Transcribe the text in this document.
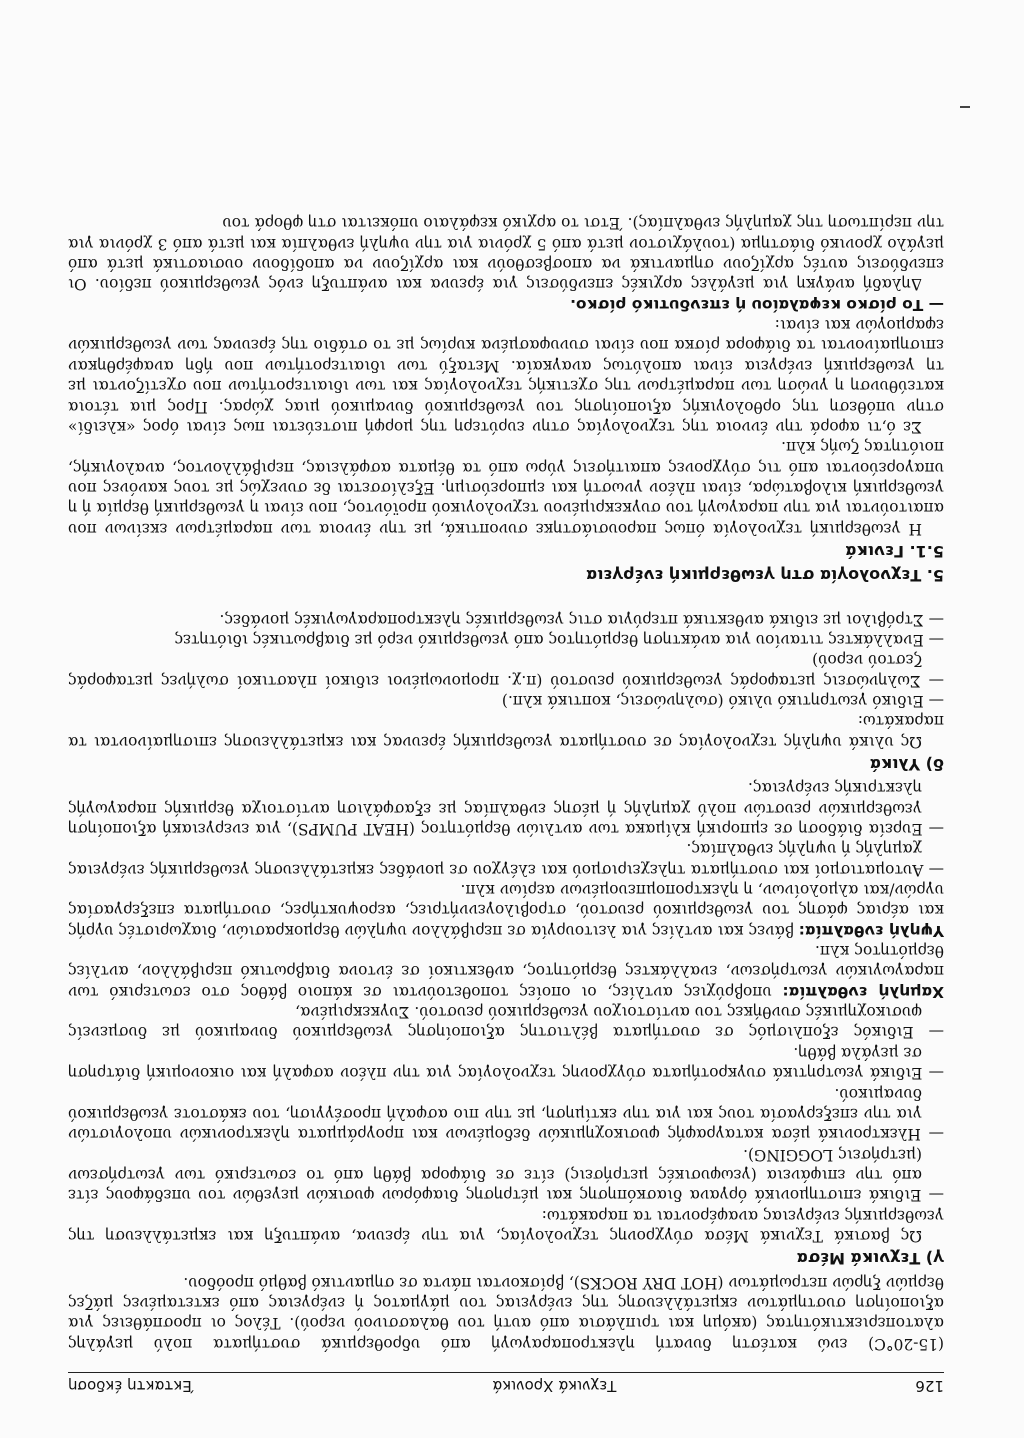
126
Τεχνικά Χρονικά
Έκτακτη έκδοση

(15-20°C) ενώ κατέστη δυνατή ηλεκτροπαραγωγή από υδροθερμικά συστήματα πολύ μεγάλης αλατοπεριεκτικότητας (ακόμη και τριπλάσια από αυτή του θαλασσινού νερού). Τέλος οι προσπάθειες για αξιοποίηση συστημάτων εκμετάλλευσης της ενέργειας του μάγματος ή ενέργειας από εκτεταμένες μάζες θερμών ξηρών πετρωμάτων (HOT DRY ROCKS), βρίσκονται πάντα σε σημαντικό βαθμό προόδου.

γ) Τεχνικά Μέσα

Ως βασικά Τεχνικά Μέσα σύγχρονης τεχνολογίας, για την έρευνα, ανάπτυξη και εκμετάλλευση της γεωθερμικής ενέργειας αναφέρονται τα παρακάτω:

— Ειδικά επιστημονικά όργανα διασκόπησης και μέτρησης διαφόρων φυσικών μεγεθών του υπεδάφους είτε από την επιφάνεια (γεωφυσικές μετρήσεις) είτε σε διάφορα βάθη από το εσωτερικό των γεωτρήσεων (μετρήσεις LOGGING).

— Ηλεκτρονικά μέσα καταγραφής φυσικοχημικών δεδομένων και προγράμματα ηλεκτρονικών υπολογιστών για την επεξεργασία τους και για την εκτίμηση, με την πιο ασφαλή προσέγγιση, του εκάστοτε γεωθερμικού δυναμικού.

— Ειδικά γεωτρητικά συγκροτήματα σύγχρονης τεχνολογίας για την πλέον ασφαλή και οικονομική διάτρηση σε μεγάλα βάθη.

— Ειδικός εξοπλισμός σε συστήματα βέλτιστης αξιοποίησης γεωθερμικού δυναμικού με δυσμενείς φυσικοχημικές συνθήκες του αντίστοιχου γεωθερμικού ρευστού. Συγκεκριμένα,

Χαμηλή ενθαλπία: υποβρύχιες αντλίες, οι οποίες τοποθετούνται σε κάποιο βάθος στο εσωτερικό των παραγωγικών γεωτρήσεων, εναλλάκτες θερμότητος, ανθεκτικοί σε έντονα διαβρωτικό περιβάλλον, αντλίες θερμότητος κλπ.

Υψηλή ενθαλπία: βάνες και αντλίες για λειτουργία σε περιβάλλον υψηλών θερμοκρασιών, διαχωριστές υγρής και αέριας φάσης του γεωθερμικού ρευστού, στροβιλογεννήτριες, αεροψυκτήρες, συστήματα επεξεργασίας υγρών/και αλμολοίνων, η ηλεκτροπομπευομένων αερίων κλπ.

— Αυτοματισμοί και συστήματα τηλεχειρισμού και ελέγχου σε μονάδες εκμετάλλευσης γεωθερμικής ενέργειας χαμηλής ή υψηλής ενθαλπίας.

— Ευρεία διάδοση σε εμπορική κλίμακα των αντλιών θερμότητος (HEAT PUMPS), για ενεργειακή αξιοποίηση γεωθερμικών ρευστών πολύ χαμηλής ή μέσης ενθαλπίας με εξασφάλιση αντίστοιχα θερμικής παραγωγής ηλεκτρικής ενέργειας.

δ) Υλικά

Ως υλικά υψηλής τεχνολογίας σε συστήματα γεωθερμικής έρευνας και εκμετάλλευσης επισημαίνονται τα παρακάτω:

— Ειδικό γεωτρητικό υλικό (σωληνώσεις, κοπτικά κλπ.)

— Σωληνώσεις μεταφοράς γεωθερμικού ρευστού (π.χ. προμονωμένοι ειδικοί πλαστικοί σωλήνες μεταφοράς ζεστού νερού)

— Εναλλάκτες τιτανίου για ανάκτηση θερμότητος από γεωθερμικό νερό με διαβρωτικές ιδιότητες

— Στρόβιλοι με ειδικά ανθεκτικά πτερύγια στις γεωθερμικές ηλεκτροπαραγωγικές μονάδες.

5. Τεχνολογία στη γεωθερμική ενέργεια
5.1. Γενικά

Η γεωθερμική τεχνολογία όπως παρουσιάστηκε συνοπτικά, με την έννοια των παραμέτρων εκείνων που απαιτούνται για την παραγωγή του συγκεκριμένου τεχνολογικού προϊόντος, που είναι η γεωθερμική θερμία ή η γεωθερμική κιλοβατώρα, είναι πλέον γνωστή και εμπορεύσιμη. Εξελίσσεται δε συνεχώς με τους κανόνες που υπαγορεύονται από τις σύγχρονες απαιτήσεις γύρω από τα θέματα ασφάλειας, περιβάλλοντος, αναλογικής, ποιότητας ζωής κλπ.

Σε ό,τι αφορά την έννοια της τεχνολογίας στην ευρύτερη της μορφή πιστεύεται πως είναι όρος «κλειδί» στην υπόθεση της ορθολογικής αξιοποίησης του γεωθερμικού δυναμικού μιας χώρας. Προς μια τέτοια κατεύθυνση η γνώση των παραμέτρων της σχετικής τεχνολογίας και των ιδιαιτεροτήτων που σχετίζονται με τη γεωθερμική ενέργεια είναι απολύτως αναγκαία. Μεταξύ των ιδιαιτεροτήτων που ήδη αναφέρθηκαν επισημαίνονται τα διάφορα ρίσκα που είναι συνυφασμένα κυρίως με το στάδιο της έρευνας των γεωθερμικών εφαρμογών και είναι:

— Το ρίσκο κεφαλαίου ή επενδυτικό ρίσκο.

Δηλαδή ανάγκη για μεγάλες αρχικές επενδύσεις για έρευνα και ανάπτυξη ενός γεωθερμικού πεδίου. Οι επενδύσεις αυτές αρχίζουν σημαντικά να αποσβεσθούν και αρχίζουν να αποδίδουν ουσιαστικά μετά από μεγάλο χρονικό διάστημα (τουλάχιστον μετά από 5 χρόνια για την υψηλή ενθαλπία και μετά από 3 χρόνια για την περίπτωση της χαμηλής ενθαλπίας). Έτσι το αρχικό κεφάλαιο υπόκειται στη φθορά του
